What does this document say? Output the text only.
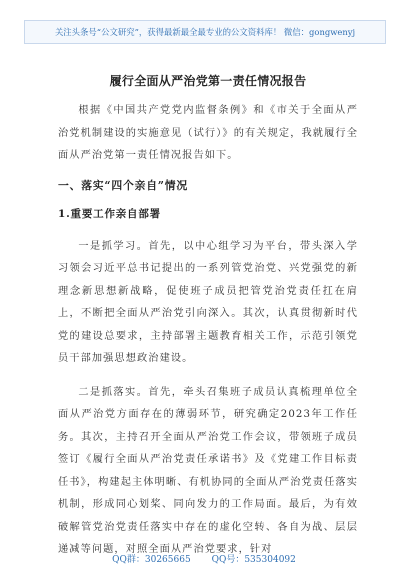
关注头条号“公文研究”，获得最新最全最专业的公文资料库！ 微信：gongwenyj
履行全面从严治党第一责任情况报告
根据《中国共产党党内监督条例》和《市关于全面从严治党机制建设的实施意见（试行）》的有关规定，我就履行全面从严治党第一责任情况报告如下。
一、落实“四个亲自”情况
1.重要工作亲自部署
一是抓学习。首先，以中心组学习为平台，带头深入学习领会习近平总书记提出的一系列管党治党、兴党强党的新理念新思想新战略，促使班子成员把管党治党责任扛在肩上，不断把全面从严治党引向深入。其次，认真贯彻新时代党的建设总要求，主持部署主题教育相关工作，示范引领党员干部加强思想政治建设。
二是抓落实。首先，牵头召集班子成员认真梳理单位全面从严治党方面存在的薄弱环节，研究确定2023年工作任务。其次，主持召开全面从严治党工作会议，带领班子成员签订《履行全面从严治党责任承诺书》及《党建工作目标责任书》，构建起主体明晰、有机协同的全面从严治党责任落实机制，形成同心划桨、同向发力的工作局面。最后，为有效破解管党治党责任落实中存在的虚化空转、各自为战、层层递减等问题，对照全面从严治党要求，针对
QQ群：30265665 QQ号：535304092
